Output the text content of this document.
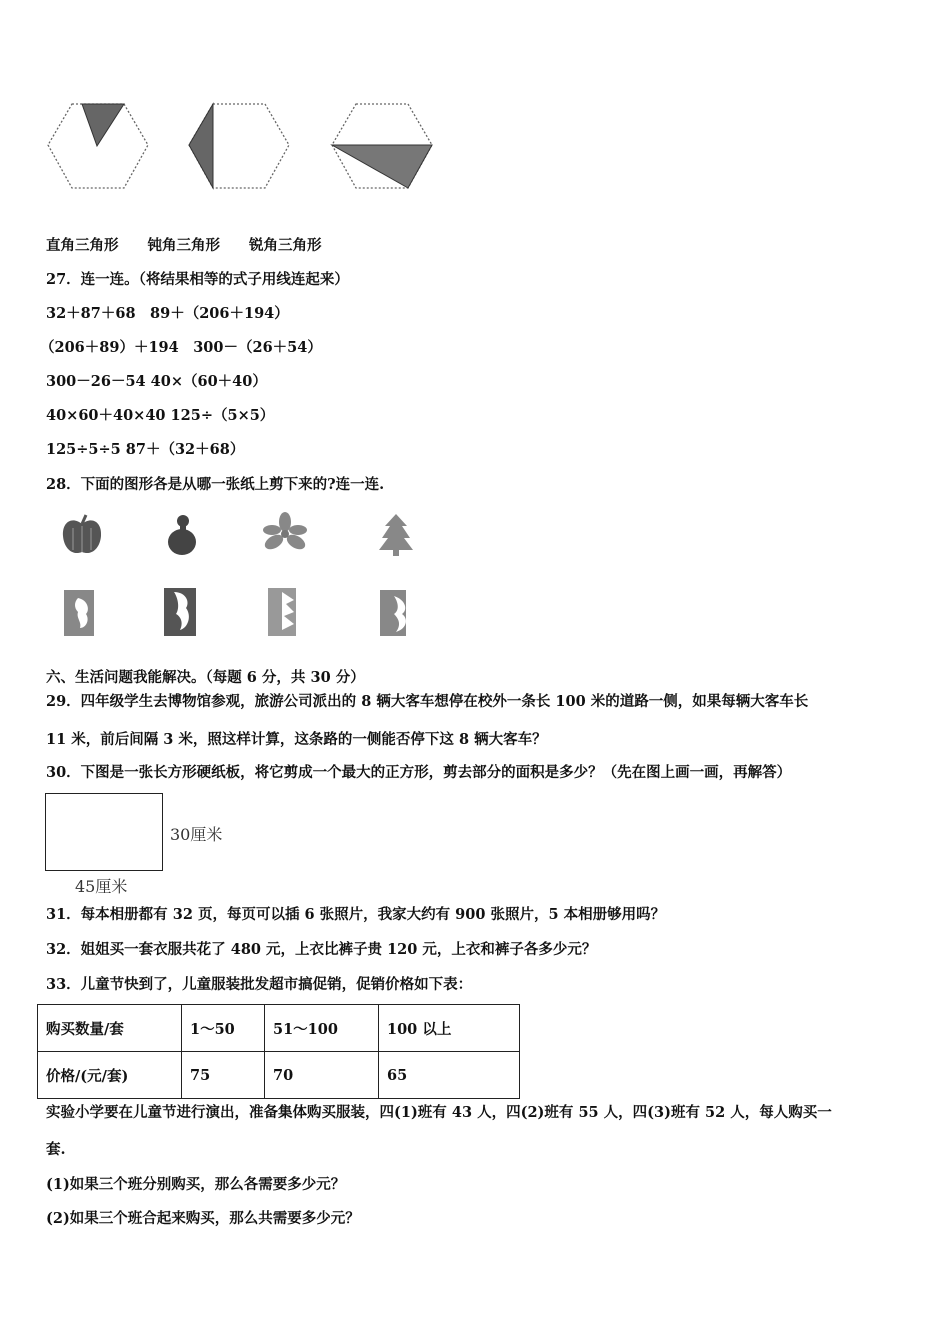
直角三角形　　钝角三角形　　锐角三角形
27．连一连。（将结果相等的式子用线连起来）
32＋87＋68　89＋（206＋194）
（206＋89）＋194　300－（26＋54）
300－26－54 40×（60＋40）
40×60＋40×40 125÷（5×5）
125÷5÷5 87＋（32＋68）
28．下面的图形各是从哪一张纸上剪下来的?连一连.
六、生活问题我能解决。（每题 6 分，共 30 分）
29．四年级学生去博物馆参观，旅游公司派出的 8 辆大客车想停在校外一条长 100 米的道路一侧，如果每辆大客车长
11 米，前后间隔 3 米，照这样计算，这条路的一侧能否停下这 8 辆大客车？
30．下图是一张长方形硬纸板，将它剪成一个最大的正方形，剪去部分的面积是多少？（先在图上画一画，再解答）
30厘米
45厘米
31．每本相册都有 32 页，每页可以插 6 张照片，我家大约有 900 张照片，5 本相册够用吗？
32．姐姐买一套衣服共花了 480 元，上衣比裤子贵 120 元，上衣和裤子各多少元？
33．儿童节快到了，儿童服装批发超市搞促销，促销价格如下表：
购买数量/套	1～50	51～100	100 以上
价格/(元/套)	75	70	65
实验小学要在儿童节进行演出，准备集体购买服装，四(1)班有 43 人，四(2)班有 55 人，四(3)班有 52 人，每人购买一
套.
(1)如果三个班分别购买，那么各需要多少元？
(2)如果三个班合起来购买，那么共需要多少元？
